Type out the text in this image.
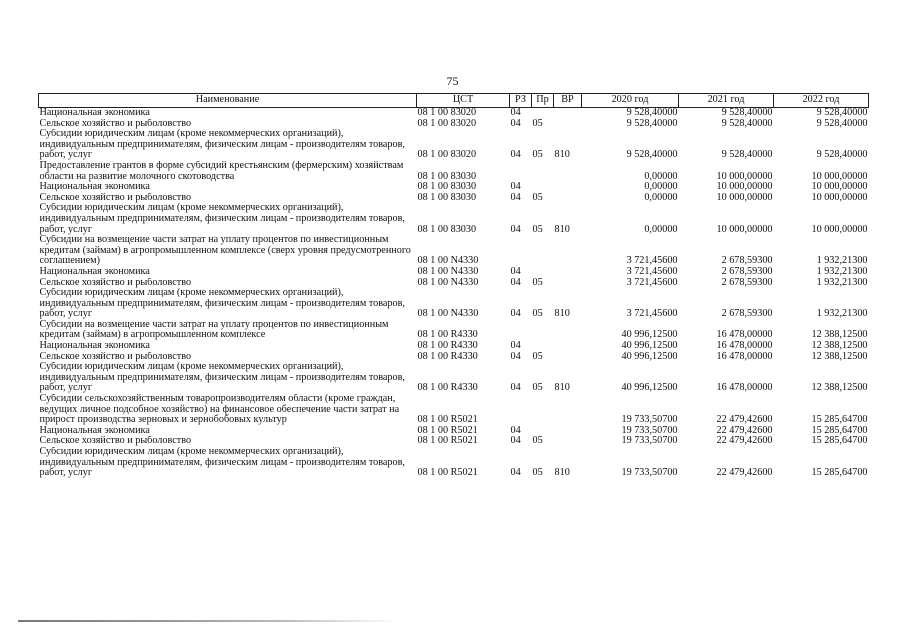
75
Наименование	ЦСТ	РЗ	Пр	ВР	2020 год	2021 год	2022 год
Национальная экономика	08 1 00 83020	04			9 528,40000	9 528,40000	9 528,40000
Сельское хозяйство и рыболовство	08 1 00 83020	04	05		9 528,40000	9 528,40000	9 528,40000
Субсидии юридическим лицам (кроме некоммерческих организаций), индивидуальным предпринимателям, физическим лицам - производителям товаров, работ, услуг	08 1 00 83020	04	05	810	9 528,40000	9 528,40000	9 528,40000
Предоставление грантов в форме субсидий крестьянским (фермерским) хозяйствам области на развитие молочного скотоводства	08 1 00 83030				0,00000	10 000,00000	10 000,00000
Национальная экономика	08 1 00 83030	04			0,00000	10 000,00000	10 000,00000
Сельское хозяйство и рыболовство	08 1 00 83030	04	05		0,00000	10 000,00000	10 000,00000
Субсидии юридическим лицам (кроме некоммерческих организаций), индивидуальным предпринимателям, физическим лицам - производителям товаров, работ, услуг	08 1 00 83030	04	05	810	0,00000	10 000,00000	10 000,00000
Субсидии на возмещение части затрат на уплату процентов по инвестиционным кредитам (займам) в агропромышленном комплексе (сверх уровня предусмотренного соглашением)	08 1 00 N4330				3 721,45600	2 678,59300	1 932,21300
Национальная экономика	08 1 00 N4330	04			3 721,45600	2 678,59300	1 932,21300
Сельское хозяйство и рыболовство	08 1 00 N4330	04	05		3 721,45600	2 678,59300	1 932,21300
Субсидии юридическим лицам (кроме некоммерческих организаций), индивидуальным предпринимателям, физическим лицам - производителям товаров, работ, услуг	08 1 00 N4330	04	05	810	3 721,45600	2 678,59300	1 932,21300
Субсидии на возмещение части затрат на уплату процентов по инвестиционным кредитам (займам) в агропромышленном комплексе	08 1 00 R4330				40 996,12500	16 478,00000	12 388,12500
Национальная экономика	08 1 00 R4330	04			40 996,12500	16 478,00000	12 388,12500
Сельское хозяйство и рыболовство	08 1 00 R4330	04	05		40 996,12500	16 478,00000	12 388,12500
Субсидии юридическим лицам (кроме некоммерческих организаций), индивидуальным предпринимателям, физическим лицам - производителям товаров, работ, услуг	08 1 00 R4330	04	05	810	40 996,12500	16 478,00000	12 388,12500
Субсидии сельскохозяйственным товаропроизводителям области (кроме граждан, ведущих личное подсобное хозяйство) на финансовое обеспечение части затрат на прирост производства зерновых и зернобобовых культур	08 1 00 R5021				19 733,50700	22 479,42600	15 285,64700
Национальная экономика	08 1 00 R5021	04			19 733,50700	22 479,42600	15 285,64700
Сельское хозяйство и рыболовство	08 1 00 R5021	04	05		19 733,50700	22 479,42600	15 285,64700
Субсидии юридическим лицам (кроме некоммерческих организаций), индивидуальным предпринимателям, физическим лицам - производителям товаров, работ, услуг	08 1 00 R5021	04	05	810	19 733,50700	22 479,42600	15 285,64700
